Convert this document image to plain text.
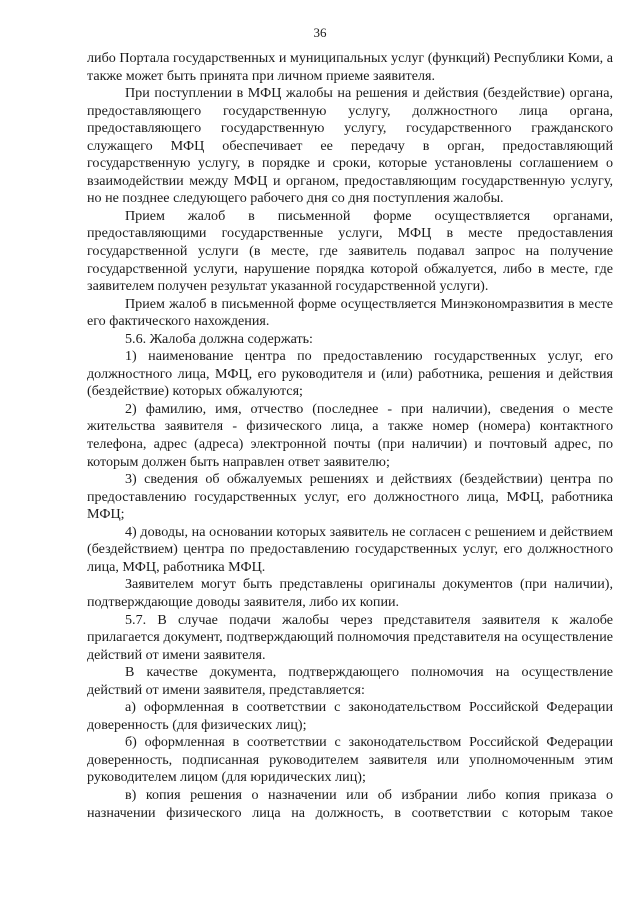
36

либо Портала государственных и муниципальных услуг (функций) Республики Коми, а также может быть принята при личном приеме заявителя.

При поступлении в МФЦ жалобы на решения и действия (бездействие) органа, предоставляющего государственную услугу, должностного лица органа, предоставляющего государственную услугу, государственного гражданского служащего МФЦ обеспечивает ее передачу в орган, предоставляющий государственную услугу, в порядке и сроки, которые установлены соглашением о взаимодействии между МФЦ и органом, предоставляющим государственную услугу, но не позднее следующего рабочего дня со дня поступления жалобы.

Прием жалоб в письменной форме осуществляется органами, предоставляющими государственные услуги, МФЦ в месте предоставления государственной услуги (в месте, где заявитель подавал запрос на получение государственной услуги, нарушение порядка которой обжалуется, либо в месте, где заявителем получен результат указанной государственной услуги).

Прием жалоб в письменной форме осуществляется Минэкономразвития в месте его фактического нахождения.

5.6. Жалоба должна содержать:

1) наименование центра по предоставлению государственных услуг, его должностного лица, МФЦ, его руководителя и (или) работника, решения и действия (бездействие) которых обжалуются;

2) фамилию, имя, отчество (последнее - при наличии), сведения о месте жительства заявителя - физического лица, а также номер (номера) контактного телефона, адрес (адреса) электронной почты (при наличии) и почтовый адрес, по которым должен быть направлен ответ заявителю;

3) сведения об обжалуемых решениях и действиях (бездействии) центра по предоставлению государственных услуг, его должностного лица, МФЦ, работника МФЦ;

4) доводы, на основании которых заявитель не согласен с решением и действием (бездействием) центра по предоставлению государственных услуг, его должностного лица, МФЦ, работника МФЦ.

Заявителем могут быть представлены оригиналы документов (при наличии), подтверждающие доводы заявителя, либо их копии.

5.7. В случае подачи жалобы через представителя заявителя к жалобе прилагается документ, подтверждающий полномочия представителя на осуществление действий от имени заявителя.

В качестве документа, подтверждающего полномочия на осуществление действий от имени заявителя, представляется:

а) оформленная в соответствии с законодательством Российской Федерации доверенность (для физических лиц);

б) оформленная в соответствии с законодательством Российской Федерации доверенность, подписанная руководителем заявителя или уполномоченным этим руководителем лицом (для юридических лиц);

в) копия решения о назначении или об избрании либо копия приказа о назначении физического лица на должность, в соответствии с которым такое
